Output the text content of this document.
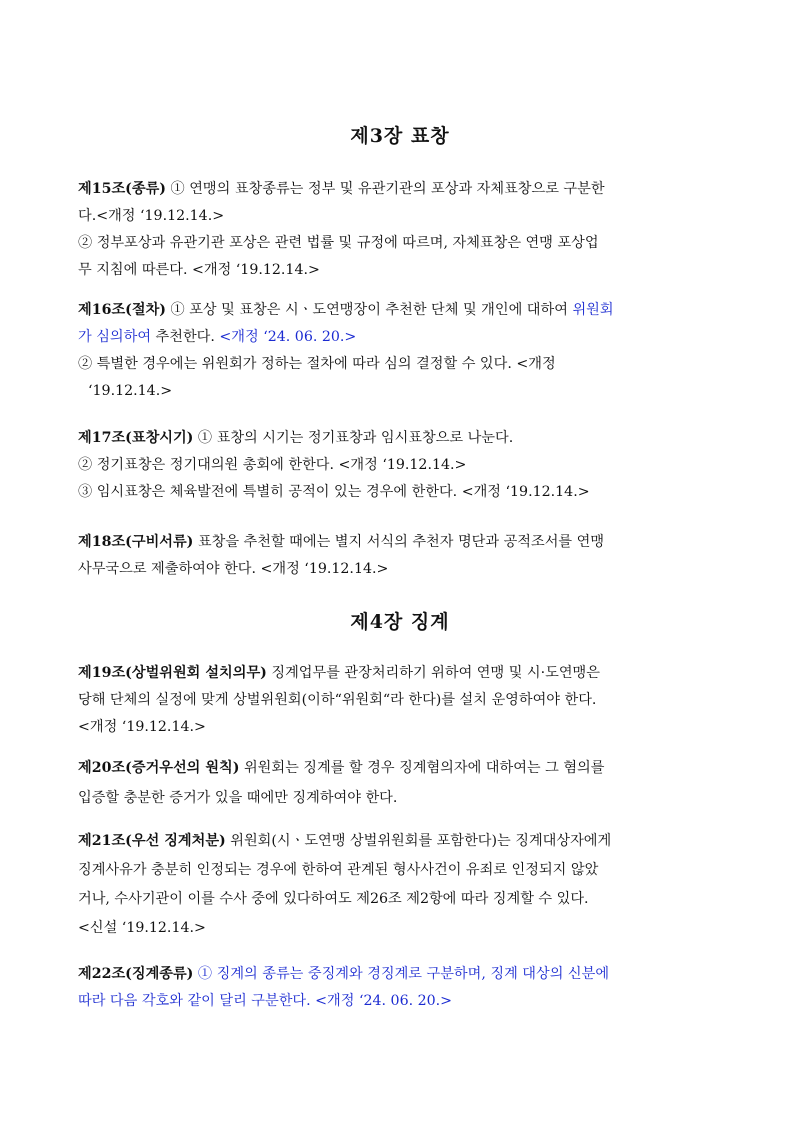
제3장 표창
제15조(종류) ① 연맹의 표창종류는 정부 및 유관기관의 포상과 자체표창으로 구분한
다.<개정 ‘19.12.14.>
② 정부포상과 유관기관 포상은 관련 법률 및 규정에 따르며, 자체표창은 연맹 포상업
무 지침에 따른다. <개정 ‘19.12.14.>
제16조(절차) ① 포상 및 표창은 시ㆍ도연맹장이 추천한 단체 및 개인에 대하여 위원회
가 심의하여 추천한다. <개정 ‘24. 06. 20.>
② 특별한 경우에는 위원회가 정하는 절차에 따라 심의 결정할 수 있다. <개정
‘19.12.14.>
제17조(표창시기) ① 표창의 시기는 정기표창과 임시표창으로 나눈다.
② 정기표창은 정기대의원 총회에 한한다. <개정 ‘19.12.14.>
③ 임시표창은 체육발전에 특별히 공적이 있는 경우에 한한다. <개정 ‘19.12.14.>
제18조(구비서류) 표창을 추천할 때에는 별지 서식의 추천자 명단과 공적조서를 연맹
사무국으로 제출하여야 한다. <개정 ‘19.12.14.>
제4장 징계
제19조(상벌위원회 설치의무) 징계업무를 관장처리하기 위하여 연맹 및 시·도연맹은
당해 단체의 실정에 맞게 상벌위원회(이하“위원회“라 한다)를 설치 운영하여야 한다.
<개정 ‘19.12.14.>
제20조(증거우선의 원칙) 위원회는 징계를 할 경우 징계혐의자에 대하여는 그 혐의를
입증할 충분한 증거가 있을 때에만 징계하여야 한다.
제21조(우선 징계처분) 위원회(시ㆍ도연맹 상벌위원회를 포함한다)는 징계대상자에게
징계사유가 충분히 인정되는 경우에 한하여 관계된 형사사건이 유죄로 인정되지 않았
거나, 수사기관이 이를 수사 중에 있다하여도 제26조 제2항에 따라 징계할 수 있다.
<신설 ‘19.12.14.>
제22조(징계종류) ① 징계의 종류는 중징계와 경징계로 구분하며, 징계 대상의 신분에
따라 다음 각호와 같이 달리 구분한다. <개정 ‘24. 06. 20.>
